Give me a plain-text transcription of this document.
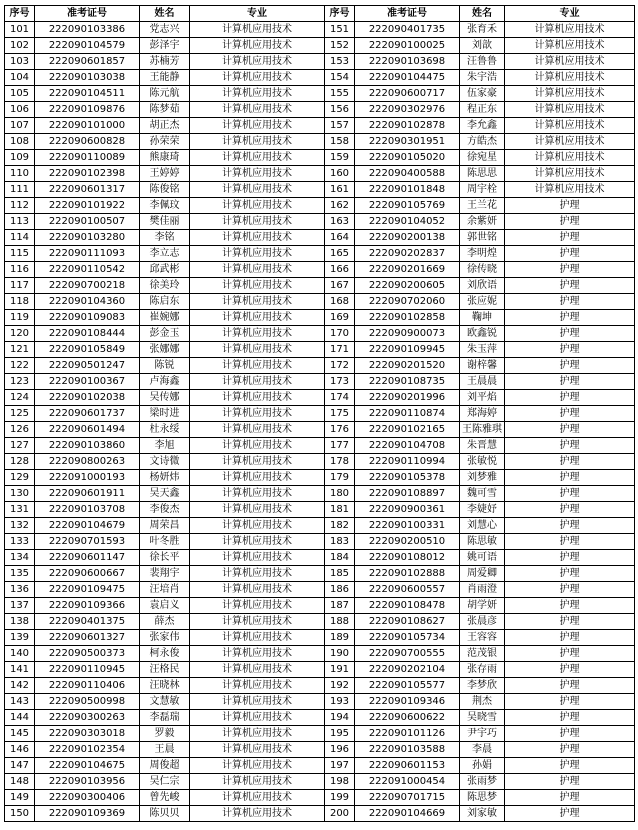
序号	准考证号	姓名	专业	序号	准考证号	姓名	专业
101	222090103386	党志兴	计算机应用技术	151	222090401735	张育禾	计算机应用技术
102	222090104579	彭泽宇	计算机应用技术	152	222090100025	刘歆	计算机应用技术
103	222090601857	苏楠芳	计算机应用技术	153	222090103698	汪鲁鲁	计算机应用技术
104	222090103038	王能静	计算机应用技术	154	222090104475	朱宇浩	计算机应用技术
105	222090104511	陈元航	计算机应用技术	155	222090600717	伍家豪	计算机应用技术
106	222090109876	陈梦茹	计算机应用技术	156	222090302976	程正东	计算机应用技术
107	222090101000	胡正杰	计算机应用技术	157	222090102878	李允鑫	计算机应用技术
108	222090600828	孙荣荣	计算机应用技术	158	222090301951	方皓杰	计算机应用技术
109	222090110089	熊康琦	计算机应用技术	159	222090105020	徐宛星	计算机应用技术
110	222090102398	王婷婷	计算机应用技术	160	222090400588	陈思思	计算机应用技术
111	222090601317	陈俊铭	计算机应用技术	161	222090101848	周宇栓	计算机应用技术
112	222090101922	李佩玟	计算机应用技术	162	222090105769	王兰花	护理
113	222090100507	樊佳丽	计算机应用技术	163	222090104052	余紫妍	护理
114	222090103280	李铭	计算机应用技术	164	222090200138	郭世铭	护理
115	222090111093	李立志	计算机应用技术	165	222090202837	李明煌	护理
116	222090110542	邱武彬	计算机应用技术	166	222090201669	徐传晓	护理
117	222090700218	徐美玲	计算机应用技术	167	222090200605	刘欣语	护理
118	222090104360	陈启东	计算机应用技术	168	222090702060	张应妮	护理
119	222090109083	崔婉娜	计算机应用技术	169	222090102858	鞠坤	护理
120	222090108444	彭金玉	计算机应用技术	170	222090900073	欧鑫锐	护理
121	222090105849	张娜娜	计算机应用技术	171	222090109945	朱玉萍	护理
122	222090501247	陈锐	计算机应用技术	172	222090201520	谢梓馨	护理
123	222090100367	卢海鑫	计算机应用技术	173	222090108735	王晨晨	护理
124	222090102038	吴传娜	计算机应用技术	174	222090201996	刘平焰	护理
125	222090601737	梁时进	计算机应用技术	175	222090110874	郑海婷	护理
126	222090601494	杜永绥	计算机应用技术	176	222090102165	王陈雅琪	护理
127	222090103860	李旭	计算机应用技术	177	222090104708	朱晋慧	护理
128	222090800263	文诗微	计算机应用技术	178	222090110994	张敏悦	护理
129	222091000193	杨妍炜	计算机应用技术	179	222090105378	刘梦雅	护理
130	222090601911	吴天鑫	计算机应用技术	180	222090108897	魏可雪	护理
131	222090103708	李俊杰	计算机应用技术	181	222090900361	李婕妤	护理
132	222090104679	周荣昌	计算机应用技术	182	222090100331	刘慧心	护理
133	222090701593	叶冬胜	计算机应用技术	183	222090200510	陈思敏	护理
134	222090601147	徐长平	计算机应用技术	184	222090108012	姚可语	护理
135	222090600667	裴翔宇	计算机应用技术	185	222090102888	周爱卿	护理
136	222090109475	汪培肖	计算机应用技术	186	222090600557	肖雨澄	护理
137	222090109366	袁启义	计算机应用技术	187	222090108478	胡学妍	护理
138	222090401375	薛杰	计算机应用技术	188	222090108627	张晨彦	护理
139	222090601327	张家伟	计算机应用技术	189	222090105734	王容容	护理
140	222090500373	柯永俊	计算机应用技术	190	222090700555	范茂银	护理
141	222090110945	汪格民	计算机应用技术	191	222090202104	张存雨	护理
142	222090110406	汪晓林	计算机应用技术	192	222090105577	李梦欣	护理
143	222090500998	文慧敏	计算机应用技术	193	222090109346	荆杰	护理
144	222090300263	李磊瑞	计算机应用技术	194	222090600622	吴晓雪	护理
145	222090303018	罗毅	计算机应用技术	195	222090101126	尹宇巧	护理
146	222090102354	王晨	计算机应用技术	196	222090103588	李晨	护理
147	222090104675	周俊超	计算机应用技术	197	222090601153	孙娟	护理
148	222090103956	吴仁宗	计算机应用技术	198	222091000454	张雨梦	护理
149	222090300406	曾先峻	计算机应用技术	199	222090701715	陈思梦	护理
150	222090109369	陈贝贝	计算机应用技术	200	222090104669	刘家敏	护理
